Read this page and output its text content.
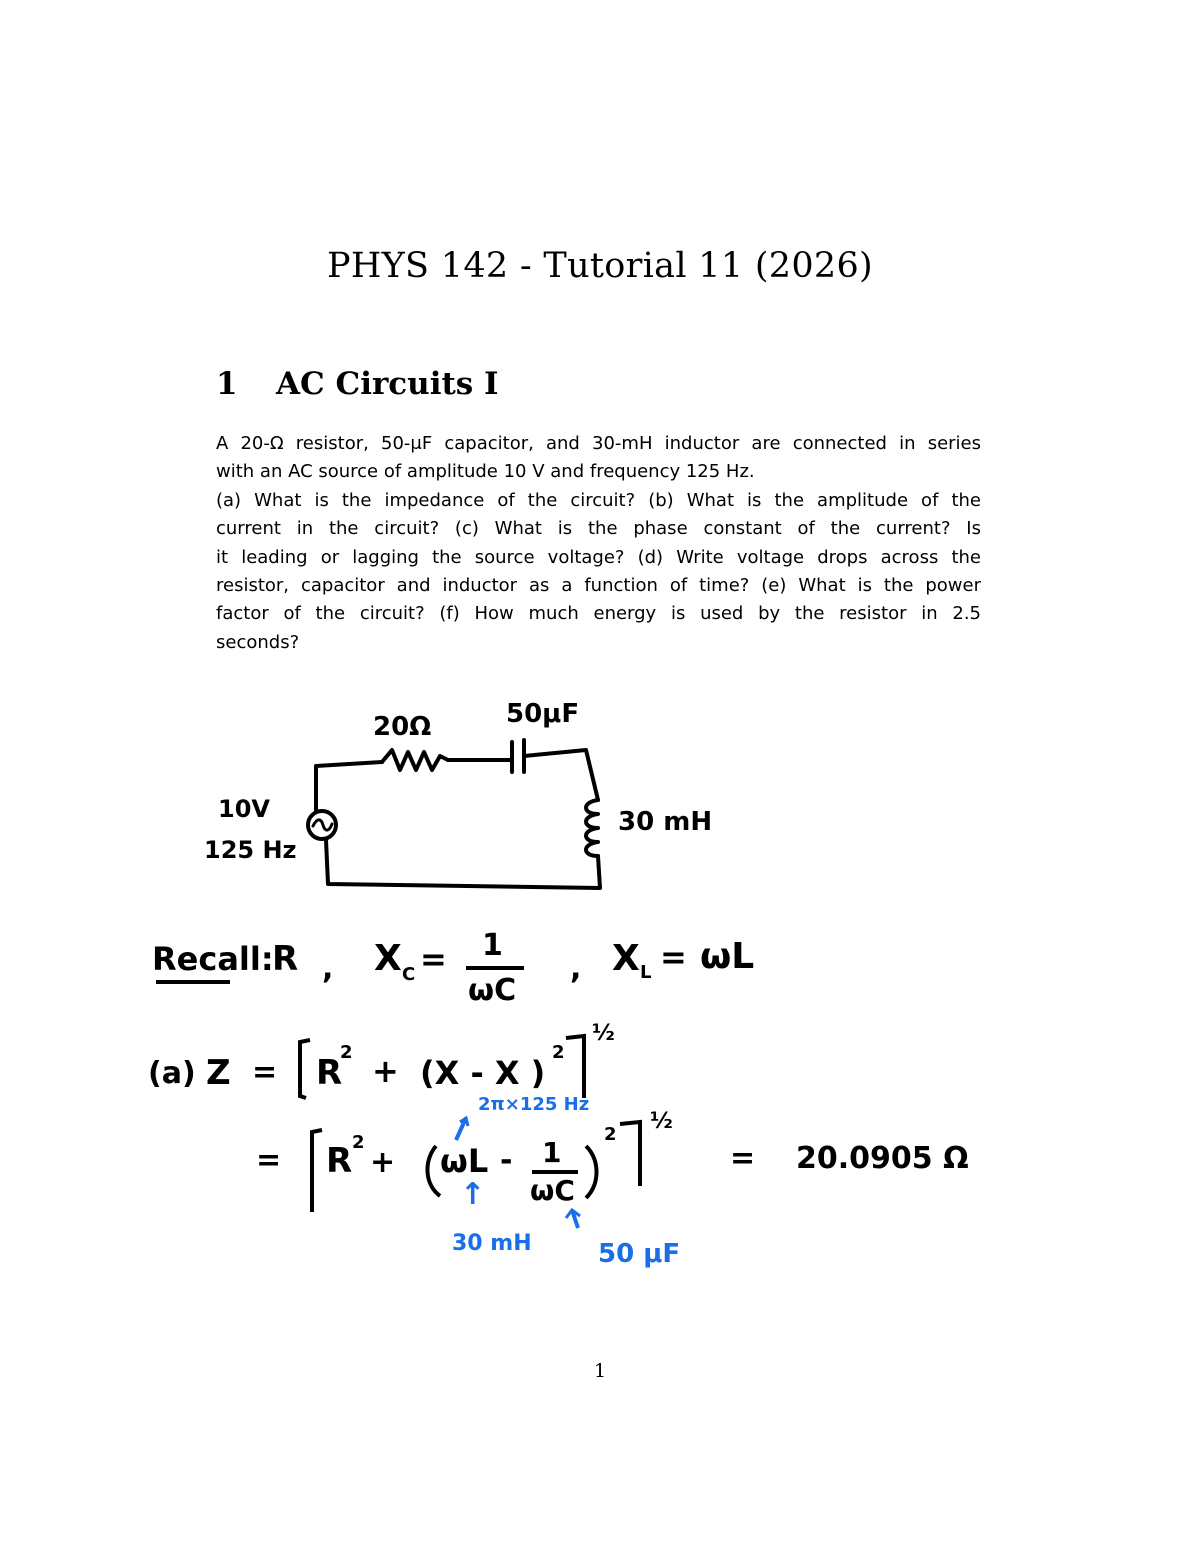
PHYS 142 - Tutorial 11 (2026)
1 AC Circuits I
A 20-Ω resistor, 50-μF capacitor, and 30-mH inductor are connected in series
with an AC source of amplitude 10 V and frequency 125 Hz.
(a) What is the impedance of the circuit? (b) What is the amplitude of the
current in the circuit? (c) What is the phase constant of the current? Is
it leading or lagging the source voltage? (d) Write voltage drops across the
resistor, capacitor and inductor as a function of time? (e) What is the power
factor of the circuit? (f) How much energy is used by the resistor in 2.5
seconds?
20Ω	50μF
30 mH
10V
125 Hz
Recall:
R , X C = 1
ωC
, X L = ωL
(a) Z = R
2 + (X - X )
2
½
= R 2
+ ωL - 1
ωC
2
½
= 20.0905 Ω
2π×125 Hz
↑
30 mH	50 μF
1
